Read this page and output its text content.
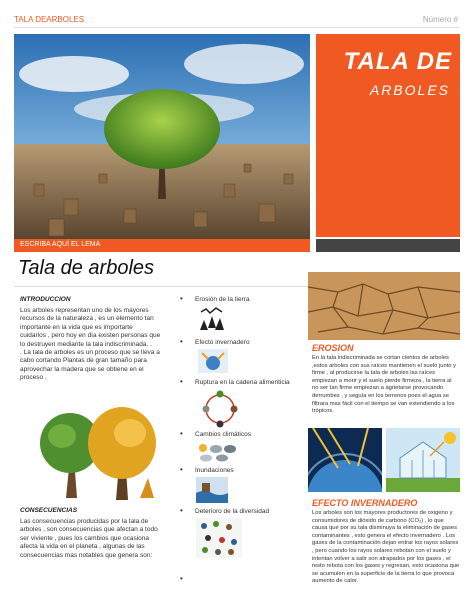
TALA DEARBOLES	Número #
TALA DE
ARBOLES
ESCRIBA AQUÍ EL LEMA
Tala de arboles
INTRODUCCION
Los arboles representan uno de los mayores
recursos de la naturaleza , es un elemento tan
importante en la vida que es importarte
cuidarlos , pero hoy en día existen personas que
lo destruyen mediante la tala indiscriminada. .
. La tala de arboles es un proceso que se lleva a
cabo cortando Plantas de gran tamaño para
aprovechar la madera que se obtiene en el
proceso .
CONSECUENCIAS
Las consecuencias producidas por la tala de
arboles , son consecuencias que afectan a todo
ser viviente , pues los cambios que ocasiona
afecta la vida en el planeta , algunas de las
consecuencias mas notables que genera son:
• Erosión de la tierra
• Efecto invernadero
• Ruptura en la cadena alimenticia
• Cambios climáticos
• Inundaciones
• Deterioro de la diversidad
•
EROSION
En la tala indiscriminada se cortan cientos de arboles
,estos arboles con sus raíces mantienen el suelo junto y
firme , al producirse la tala de arboles las raíces
empiezan a morir y el suelo pierde firmeza , la tierra al
no ser tan firme empiezan a agrietarse provocando
derrumbes , y seguía en los terrenos poes el agua se
filtrara mas fácil con el tiempo se van extendiendo a los
trópicos.
EFECTO INVERNADERO
Los arboles son los mayores productores de oxigeno y
consumidores de dióxido de carbono (CO₂) , lo que
causa que por su tala disminuya la eliminación de gases
contaminantes , esto genera el efecto invernadero . Los
gases de la contaminación dejan entrar los rayos solares
, pero cuando los rayos solares rebotan con el suelo y
intentan volver a salir son atrapados por los gases , el
resto rebota con los gases y regresan, esto ocasiona que
se acumulen en la superficie de la tierra lo que provoca
aumento de calor.
